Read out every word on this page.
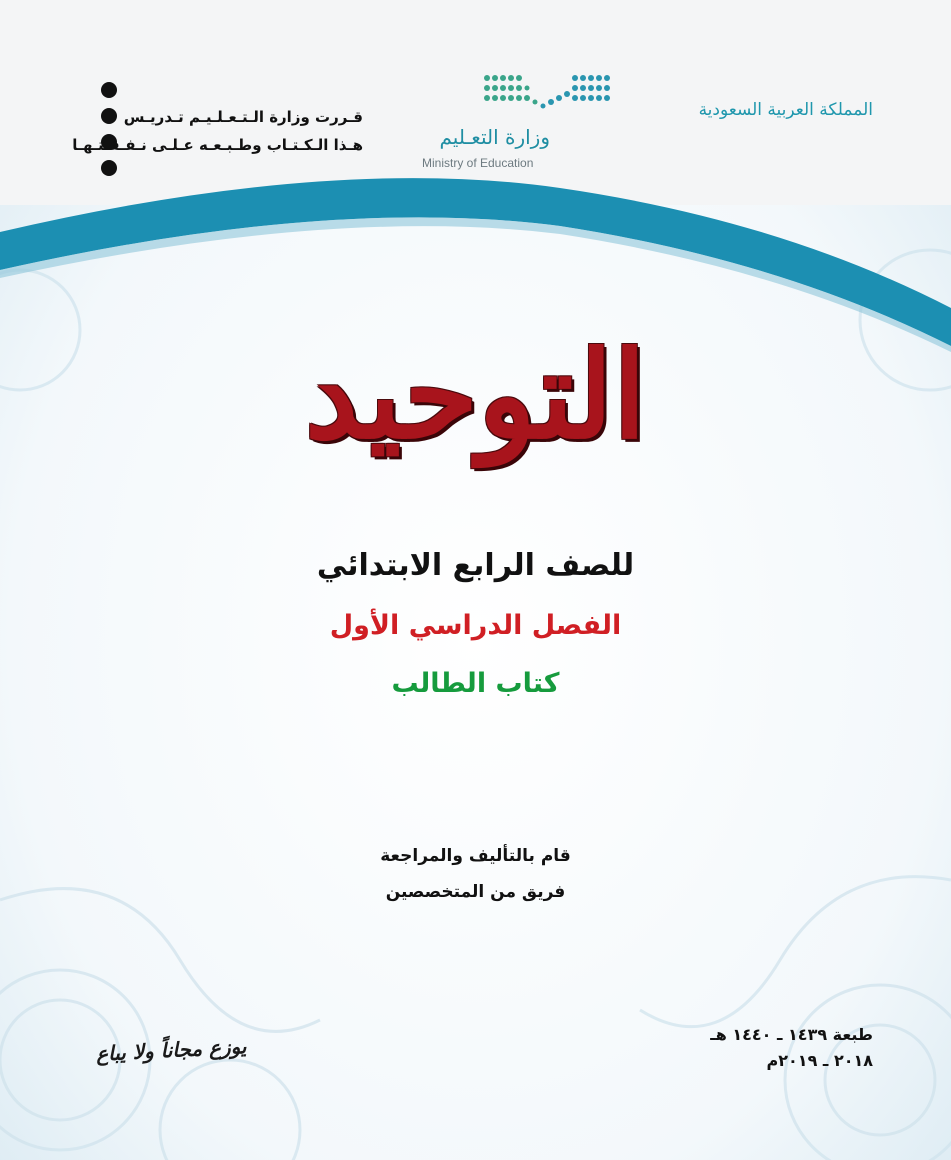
المملكة العربية السعودية
وزارة التعـليم
Ministry of Education
قـررت وزارة الـتـعـلـيـم تـدريـس
هـذا الـكـتـاب وطـبـعـه عـلـى نـفـقـتـهـا
التوحيد
للصف الرابع الابتدائي
الفصل الدراسي الأول
كتاب الطالب
قام بالتأليف والمراجعة
فريق من المتخصصين
طبعة ١٤٣٩ ـ ١٤٤٠ هـ
٢٠١٨ ـ ٢٠١٩م
يوزع مجاناً ولا يباع
